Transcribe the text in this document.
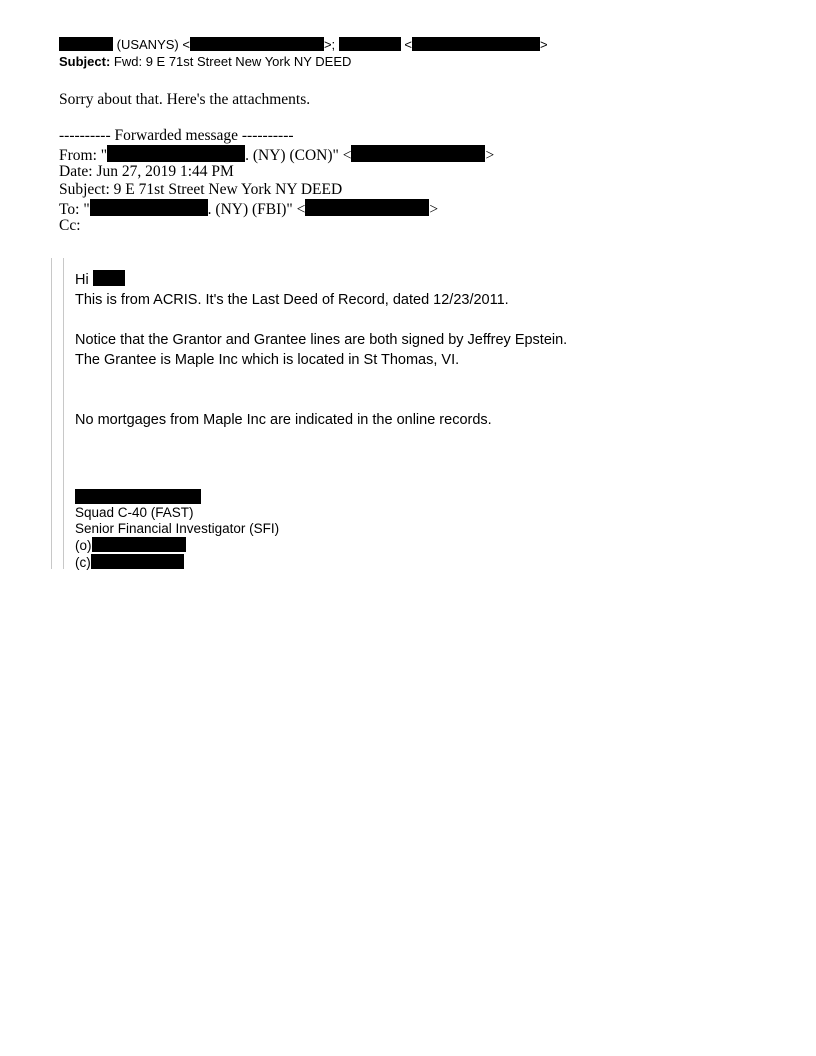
(USANYS) <	>;	<	>
Subject: Fwd: 9 E 71st Street New York NY DEED
Sorry about that. Here's the attachments.
---------- Forwarded message ----------
From: "	. (NY) (CON)" <	>
Date: Jun 27, 2019 1:44 PM
Subject: 9 E 71st Street New York NY DEED
To: "	. (NY) (FBI)" <	>
Cc:
Hi
This is from ACRIS. It's the Last Deed of Record, dated 12/23/2011.
Notice that the Grantor and Grantee lines are both signed by Jeffrey Epstein.
The Grantee is Maple Inc which is located in St Thomas, VI.
No mortgages from Maple Inc are indicated in the online records.
Squad C-40 (FAST)
Senior Financial Investigator (SFI)
(o)
(c)
